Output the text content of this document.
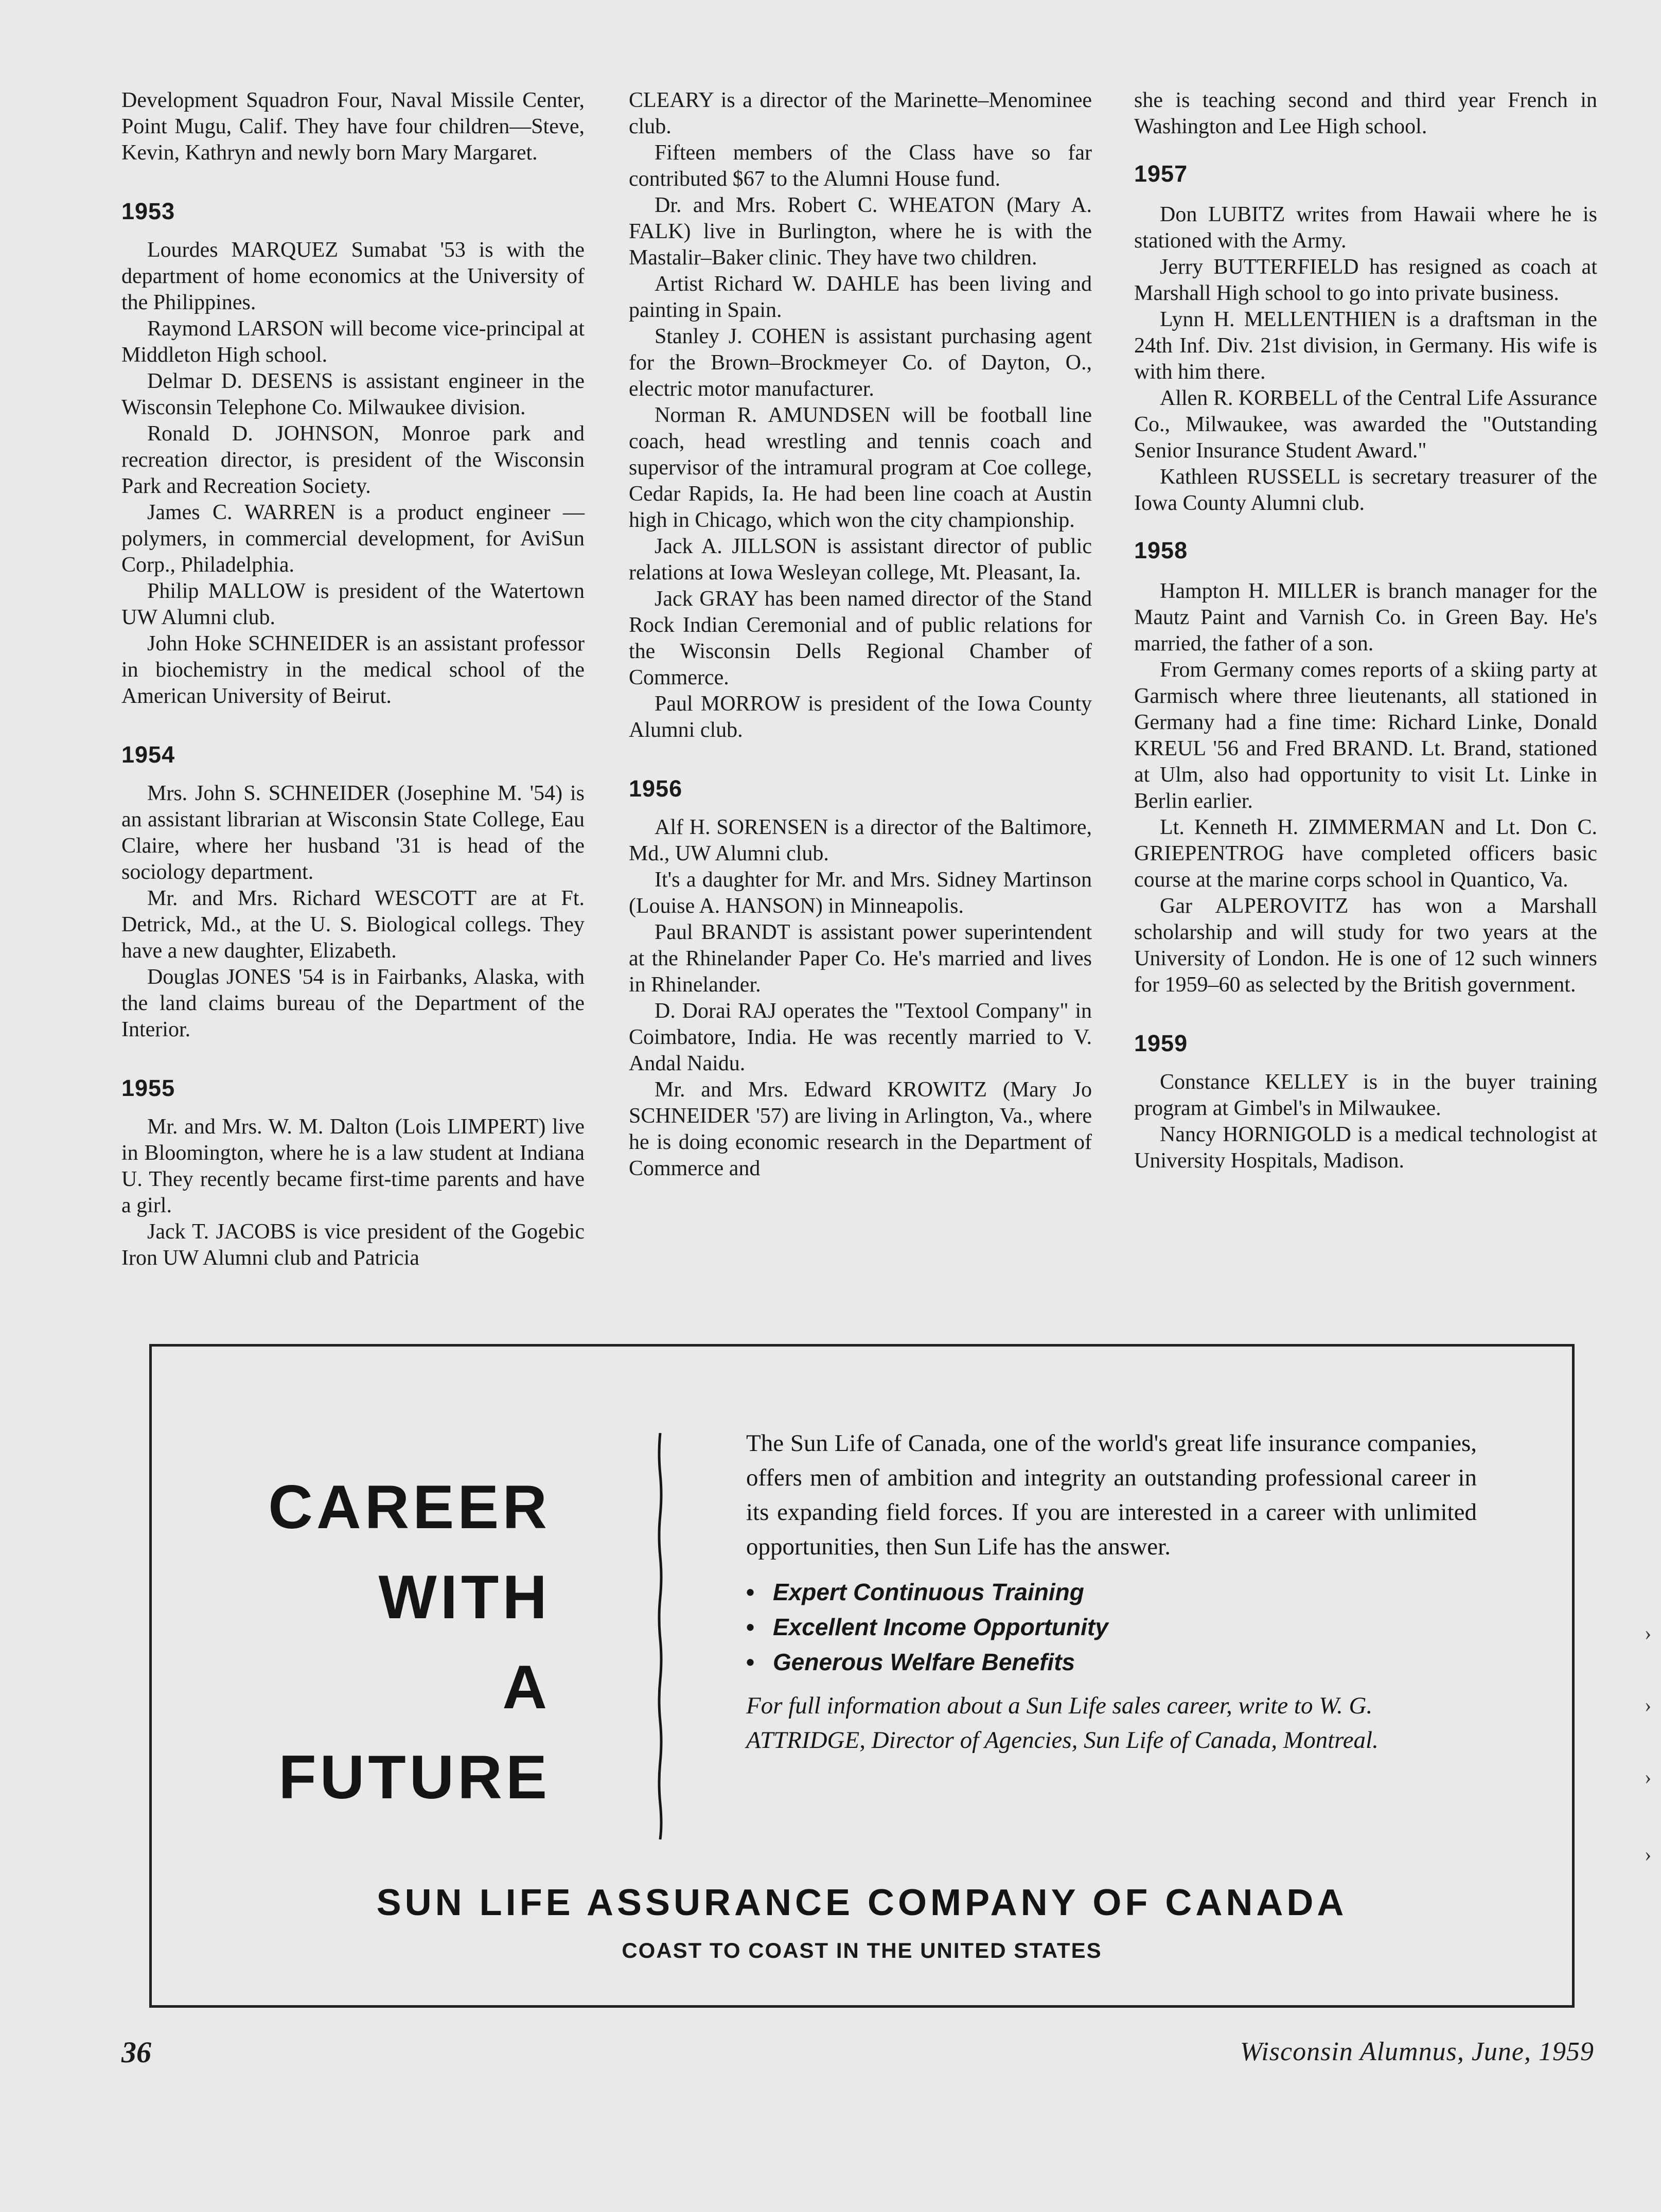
Development Squadron Four, Naval Missile Center, Point Mugu, Calif. They have four children—Steve, Kevin, Kathryn and newly born Mary Margaret.

1953

Lourdes MARQUEZ Sumabat '53 is with the department of home economics at the University of the Philippines.

Raymond LARSON will become vice-principal at Middleton High school.

Delmar D. DESENS is assistant engineer in the Wisconsin Telephone Co. Milwaukee division.

Ronald D. JOHNSON, Monroe park and recreation director, is president of the Wisconsin Park and Recreation Society.

James C. WARREN is a product engineer —polymers, in commercial development, for AviSun Corp., Philadelphia.

Philip MALLOW is president of the Watertown UW Alumni club.

John Hoke SCHNEIDER is an assistant professor in biochemistry in the medical school of the American University of Beirut.

1954

Mrs. John S. SCHNEIDER (Josephine M. '54) is an assistant librarian at Wisconsin State College, Eau Claire, where her husband '31 is head of the sociology department.

Mr. and Mrs. Richard WESCOTT are at Ft. Detrick, Md., at the U. S. Biological collegs. They have a new daughter, Elizabeth.

Douglas JONES '54 is in Fairbanks, Alaska, with the land claims bureau of the Department of the Interior.

1955

Mr. and Mrs. W. M. Dalton (Lois LIMPERT) live in Bloomington, where he is a law student at Indiana U. They recently became first-time parents and have a girl.

Jack T. JACOBS is vice president of the Gogebic Iron UW Alumni club and Patricia

CLEARY is a director of the Marinette–Menominee club.

Fifteen members of the Class have so far contributed $67 to the Alumni House fund.

Dr. and Mrs. Robert C. WHEATON (Mary A. FALK) live in Burlington, where he is with the Mastalir–Baker clinic. They have two children.

Artist Richard W. DAHLE has been living and painting in Spain.

Stanley J. COHEN is assistant purchasing agent for the Brown–Brockmeyer Co. of Dayton, O., electric motor manufacturer.

Norman R. AMUNDSEN will be football line coach, head wrestling and tennis coach and supervisor of the intramural program at Coe college, Cedar Rapids, Ia. He had been line coach at Austin high in Chicago, which won the city championship.

Jack A. JILLSON is assistant director of public relations at Iowa Wesleyan college, Mt. Pleasant, Ia.

Jack GRAY has been named director of the Stand Rock Indian Ceremonial and of public relations for the Wisconsin Dells Regional Chamber of Commerce.

Paul MORROW is president of the Iowa County Alumni club.

1956

Alf H. SORENSEN is a director of the Baltimore, Md., UW Alumni club.

It's a daughter for Mr. and Mrs. Sidney Martinson (Louise A. HANSON) in Minneapolis.

Paul BRANDT is assistant power superintendent at the Rhinelander Paper Co. He's married and lives in Rhinelander.

D. Dorai RAJ operates the "Textool Company" in Coimbatore, India. He was recently married to V. Andal Naidu.

Mr. and Mrs. Edward KROWITZ (Mary Jo SCHNEIDER '57) are living in Arlington, Va., where he is doing economic research in the Department of Commerce and

she is teaching second and third year French in Washington and Lee High school.

1957

Don LUBITZ writes from Hawaii where he is stationed with the Army.

Jerry BUTTERFIELD has resigned as coach at Marshall High school to go into private business.

Lynn H. MELLENTHIEN is a draftsman in the 24th Inf. Div. 21st division, in Germany. His wife is with him there.

Allen R. KORBELL of the Central Life Assurance Co., Milwaukee, was awarded the "Outstanding Senior Insurance Student Award."

Kathleen RUSSELL is secretary treasurer of the Iowa County Alumni club.

1958

Hampton H. MILLER is branch manager for the Mautz Paint and Varnish Co. in Green Bay. He's married, the father of a son.

From Germany comes reports of a skiing party at Garmisch where three lieutenants, all stationed in Germany had a fine time: Richard Linke, Donald KREUL '56 and Fred BRAND. Lt. Brand, stationed at Ulm, also had opportunity to visit Lt. Linke in Berlin earlier.

Lt. Kenneth H. ZIMMERMAN and Lt. Don C. GRIEPENTROG have completed officers basic course at the marine corps school in Quantico, Va.

Gar ALPEROVITZ has won a Marshall scholarship and will study for two years at the University of London. He is one of 12 such winners for 1959–60 as selected by the British government.

1959

Constance KELLEY is in the buyer training program at Gimbel's in Milwaukee.

Nancy HORNIGOLD is a medical technologist at University Hospitals, Madison.

CAREER
WITH
A
FUTURE

The Sun Life of Canada, one of the world's great life insurance companies, offers men of ambition and integrity an outstanding professional career in its expanding field forces. If you are interested in a career with unlimited opportunities, then Sun Life has the answer.

• Expert Continuous Training
• Excellent Income Opportunity
• Generous Welfare Benefits

For full information about a Sun Life sales career, write to W. G. ATTRIDGE, Director of Agencies, Sun Life of Canada, Montreal.

SUN LIFE ASSURANCE COMPANY OF CANADA
COAST TO COAST IN THE UNITED STATES
36	Wisconsin Alumnus, June, 1959
›
›
›
›
